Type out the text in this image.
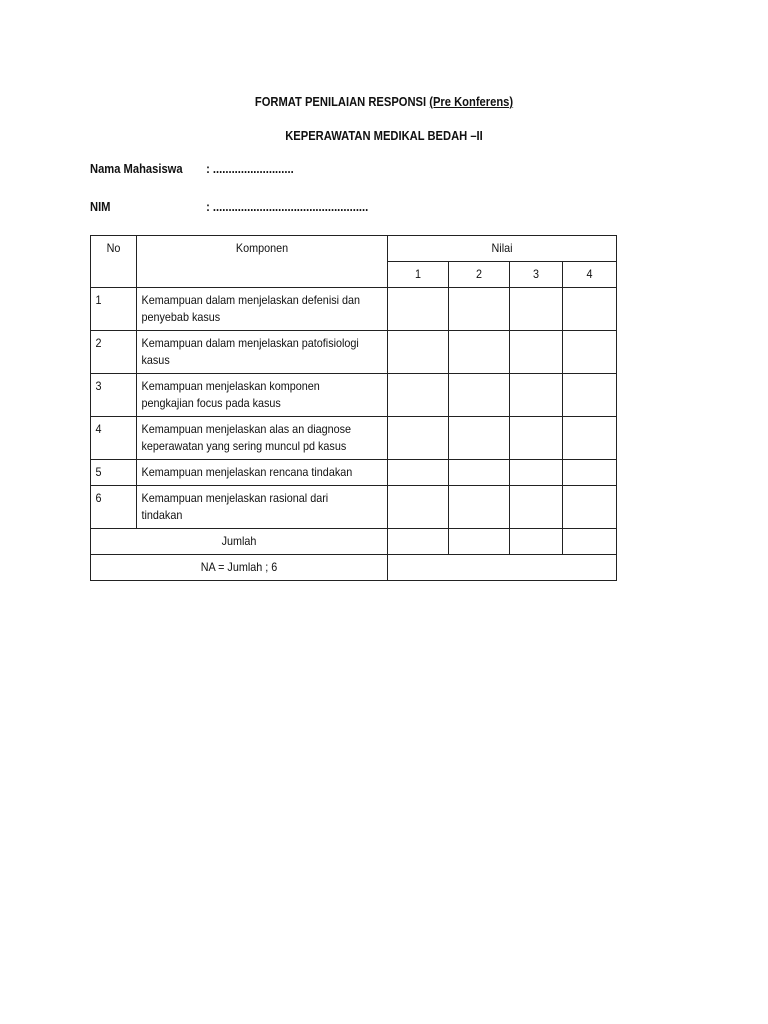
FORMAT PENILAIAN RESPONSI (Pre Konferens)
KEPERAWATAN MEDIKAL BEDAH –II
Nama Mahasiswa : ..........................
NIM	: ..................................................
No	Komponen	Nilai			

		1	2	3	4

1	Kemampuan dalam menjelaskan defenisi dan
penyebab kasus				

2	Kemampuan dalam menjelaskan patofisiologi
kasus				

3	Kemampuan menjelaskan komponen
pengkajian focus pada kasus				

4	Kemampuan menjelaskan alas an diagnose
keperawatan yang sering muncul pd kasus				

5	Kemampuan menjelaskan rencana tindakan				

6	Kemampuan menjelaskan rasional dari
tindakan				

Jumlah					

NA = Jumlah ; 6					
